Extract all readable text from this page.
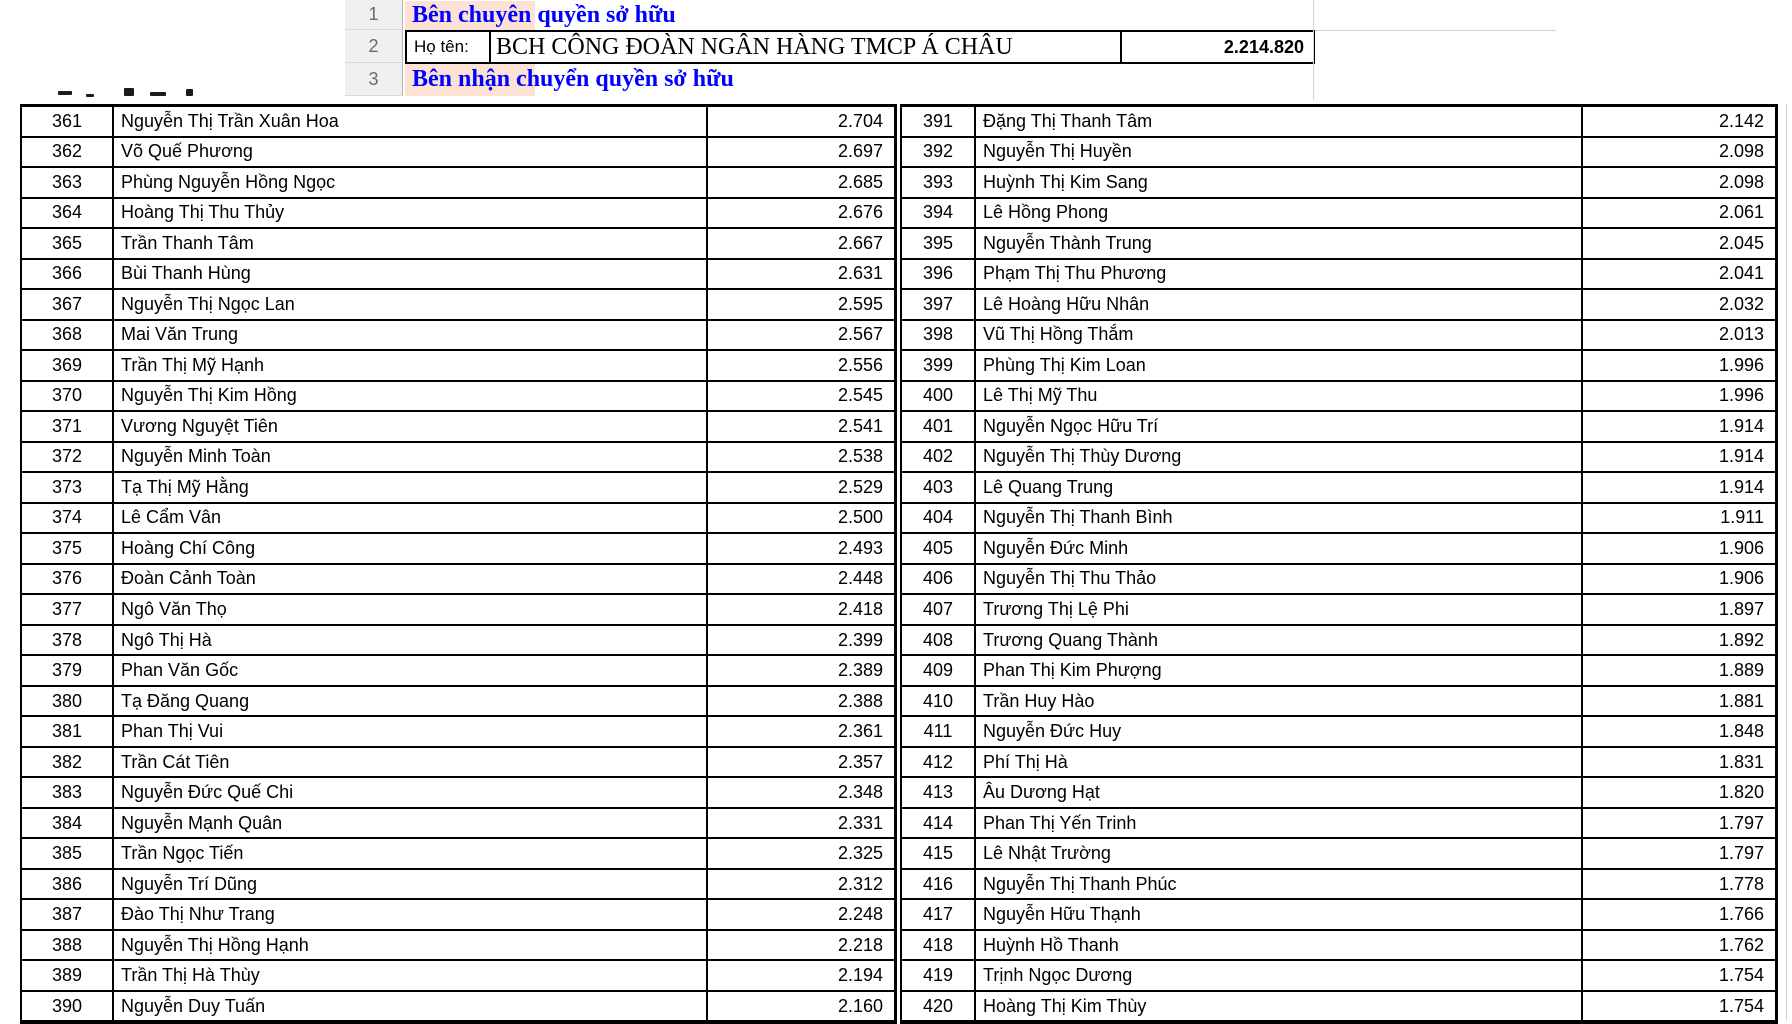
1
2
3
Bên chuyên quyền sở hữu
Họ tên:	BCH CÔNG ĐOÀN NGÂN HÀNG TMCP Á CHÂU	2.214.820
Bên nhận chuyển quyền sở hữu
361	Nguyễn Thị Trần Xuân Hoa	2.704
362	Võ Quế Phương	2.697
363	Phùng Nguyễn Hồng Ngọc	2.685
364	Hoàng Thị Thu Thủy	2.676
365	Trần Thanh Tâm	2.667
366	Bùi Thanh Hùng	2.631
367	Nguyễn Thị Ngọc Lan	2.595
368	Mai Văn Trung	2.567
369	Trần Thị Mỹ Hạnh	2.556
370	Nguyễn Thị Kim Hồng	2.545
371	Vương Nguyệt Tiên	2.541
372	Nguyễn Minh Toàn	2.538
373	Tạ Thị Mỹ Hằng	2.529
374	Lê Cẩm Vân	2.500
375	Hoàng Chí Công	2.493
376	Đoàn Cảnh Toàn	2.448
377	Ngô Văn Thọ	2.418
378	Ngô Thị Hà	2.399
379	Phan Văn Gốc	2.389
380	Tạ Đăng Quang	2.388
381	Phan Thị Vui	2.361
382	Trần Cát Tiên	2.357
383	Nguyễn Đức Quế Chi	2.348
384	Nguyễn Mạnh Quân	2.331
385	Trần Ngọc Tiến	2.325
386	Nguyễn Trí Dũng	2.312
387	Đào Thị Như Trang	2.248
388	Nguyễn Thị Hồng Hạnh	2.218
389	Trần Thị Hà Thùy	2.194
390	Nguyễn Duy Tuấn	2.160
391	Đặng Thị Thanh Tâm	2.142
392	Nguyễn Thị Huyền	2.098
393	Huỳnh Thị Kim Sang	2.098
394	Lê Hồng Phong	2.061
395	Nguyễn Thành Trung	2.045
396	Phạm Thị Thu Phương	2.041
397	Lê Hoàng Hữu Nhân	2.032
398	Vũ Thị Hồng Thắm	2.013
399	Phùng Thị Kim Loan	1.996
400	Lê Thị Mỹ Thu	1.996
401	Nguyễn Ngọc Hữu Trí	1.914
402	Nguyễn Thị Thùy Dương	1.914
403	Lê Quang Trung	1.914
404	Nguyễn Thị Thanh Bình	1.911
405	Nguyễn Đức Minh	1.906
406	Nguyễn Thị Thu Thảo	1.906
407	Trương Thị Lệ Phi	1.897
408	Trương Quang Thành	1.892
409	Phan Thị Kim Phượng	1.889
410	Trần Huy Hào	1.881
411	Nguyễn Đức Huy	1.848
412	Phí Thị Hà	1.831
413	Âu Dương Hạt	1.820
414	Phan Thị Yến Trinh	1.797
415	Lê Nhật Trường	1.797
416	Nguyễn Thị Thanh Phúc	1.778
417	Nguyễn Hữu Thạnh	1.766
418	Huỳnh Hồ Thanh	1.762
419	Trịnh Ngọc Dương	1.754
420	Hoàng Thị Kim Thùy	1.754
